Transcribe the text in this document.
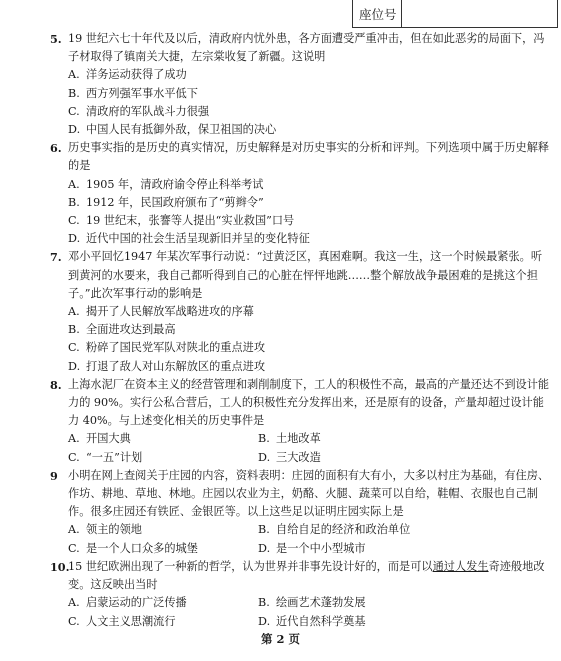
座位号
5. 19 世纪六七十年代及以后，清政府内忧外患，各方面遭受严重冲击，但在如此恶劣的局面下，冯子材取得了镇南关大捷，左宗棠收复了新疆。这说明
A. 洋务运动获得了成功
B. 西方列强军事水平低下
C. 清政府的军队战斗力很强
D. 中国人民有抵御外敌，保卫祖国的决心
6. 历史事实指的是历史的真实情况，历史解释是对历史事实的分析和评判。下列选项中属于历史解释的是
A. 1905 年，清政府谕令停止科举考试
B. 1912 年，民国政府颁布了“剪辫令”
C. 19 世纪末，张謇等人提出“实业救国”口号
D. 近代中国的社会生活呈现新旧并呈的变化特征
7. 邓小平回忆1947 年某次军事行动说：“过黄泛区，真困难啊。我这一生，这一个时候最紧张。听到黄河的水要来，我自己都听得到自己的心脏在怦怦地跳……整个解放战争最困难的是挑这个担子。”此次军事行动的影响是
A. 揭开了人民解放军战略进攻的序幕
B. 全面进攻达到最高
C. 粉碎了国民党军队对陕北的重点进攻
D. 打退了敌人对山东解放区的重点进攻
8. 上海水泥厂在资本主义的经营管理和剥削制度下，工人的积极性不高，最高的产量还达不到设计能力的 90%。实行公私合营后，工人的积极性充分发挥出来，还是原有的设备，产量却超过设计能力 40%。与上述变化相关的历史事件是
A. 开国大典	B. 土地改革
C. “一五”计划	D. 三大改造
9 小明在网上查阅关于庄园的内容，资料表明：庄园的面积有大有小，大多以村庄为基础，有住房、作坊、耕地、草地、林地。庄园以农业为主，奶酪、火腿、蔬菜可以自给，鞋帽、衣服也自己制作。很多庄园还有铁匠、金银匠等。以上这些足以证明庄园实际上是
A. 领主的领地	B. 自给自足的经济和政治单位
C. 是一个人口众多的城堡	D. 是一个中小型城市
10.
15 世纪欧洲出现了一种新的哲学，认为世界并非事先设计好的，而是可以通过人发生奇迹般地改变。这反映出当时
A. 启蒙运动的广泛传播	B. 绘画艺术蓬勃发展
C. 人文主义思潮流行	D. 近代自然科学奠基
第 2 页
